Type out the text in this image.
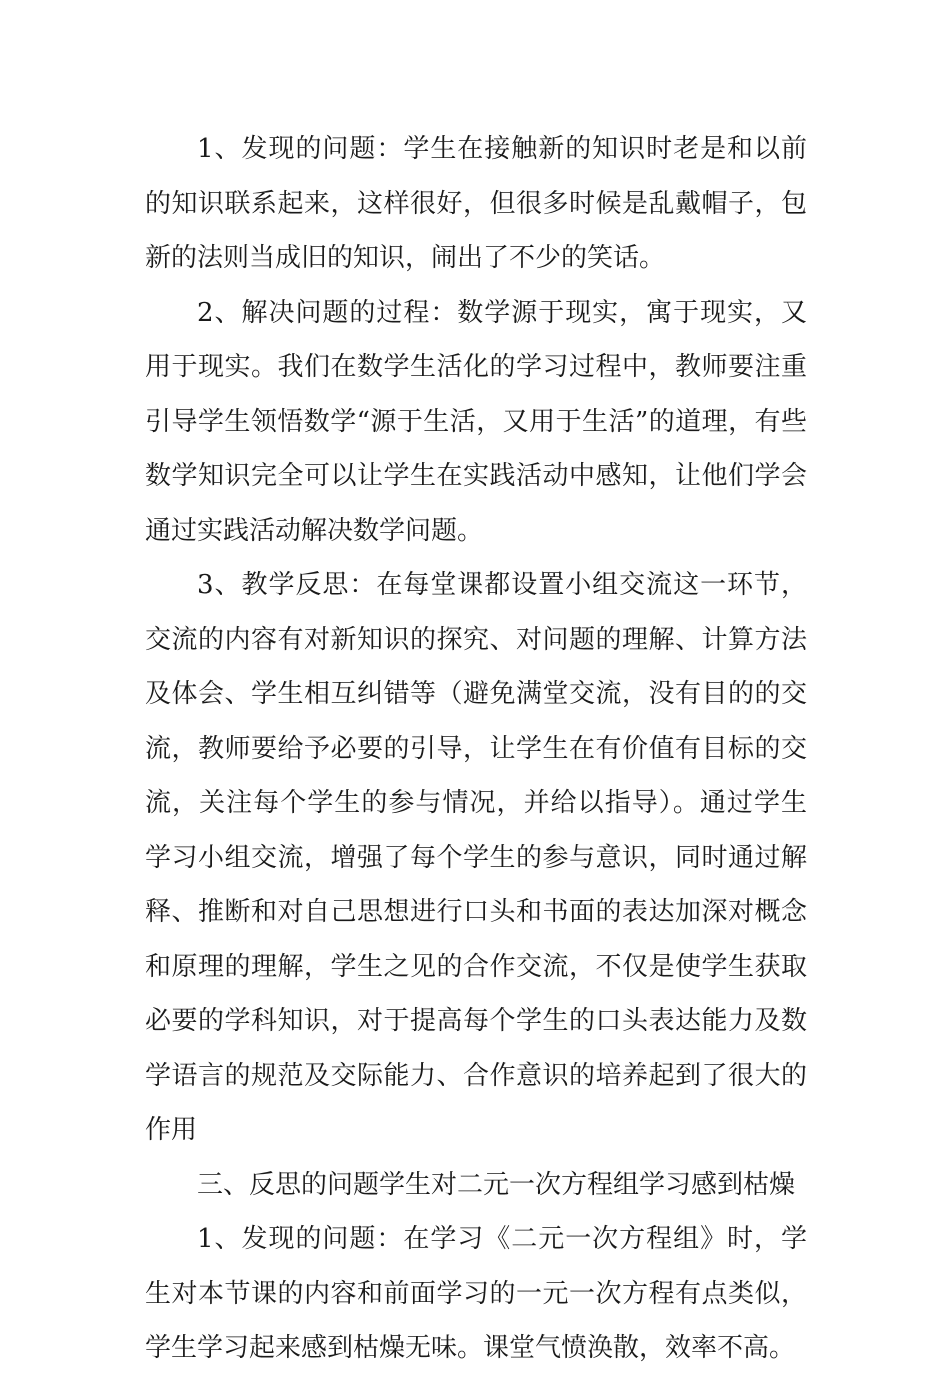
1、发现的问题：学生在接触新的知识时老是和以前的知识联系起来，这样很好，但很多时候是乱戴帽子，包新的法则当成旧的知识，闹出了不少的笑话。

2、解决问题的过程：数学源于现实，寓于现实，又用于现实。我们在数学生活化的学习过程中，教师要注重引导学生领悟数学“源于生活，又用于生活”的道理，有些数学知识完全可以让学生在实践活动中感知，让他们学会通过实践活动解决数学问题。

3、教学反思：在每堂课都设置小组交流这一环节，交流的内容有对新知识的探究、对问题的理解、计算方法及体会、学生相互纠错等（避免满堂交流，没有目的的交流，教师要给予必要的引导，让学生在有价值有目标的交流，关注每个学生的参与情况，并给以指导）。通过学生学习小组交流，增强了每个学生的参与意识，同时通过解释、推断和对自己思想进行口头和书面的表达加深对概念和原理的理解，学生之见的合作交流，不仅是使学生获取必要的学科知识，对于提高每个学生的口头表达能力及数学语言的规范及交际能力、合作意识的培养起到了很大的作用

三、反思的问题学生对二元一次方程组学习感到枯燥

1、发现的问题：在学习《二元一次方程组》时，学生对本节课的内容和前面学习的一元一次方程有点类似，学生学习起来感到枯燥无味。课堂气愤涣散，效率不高。
